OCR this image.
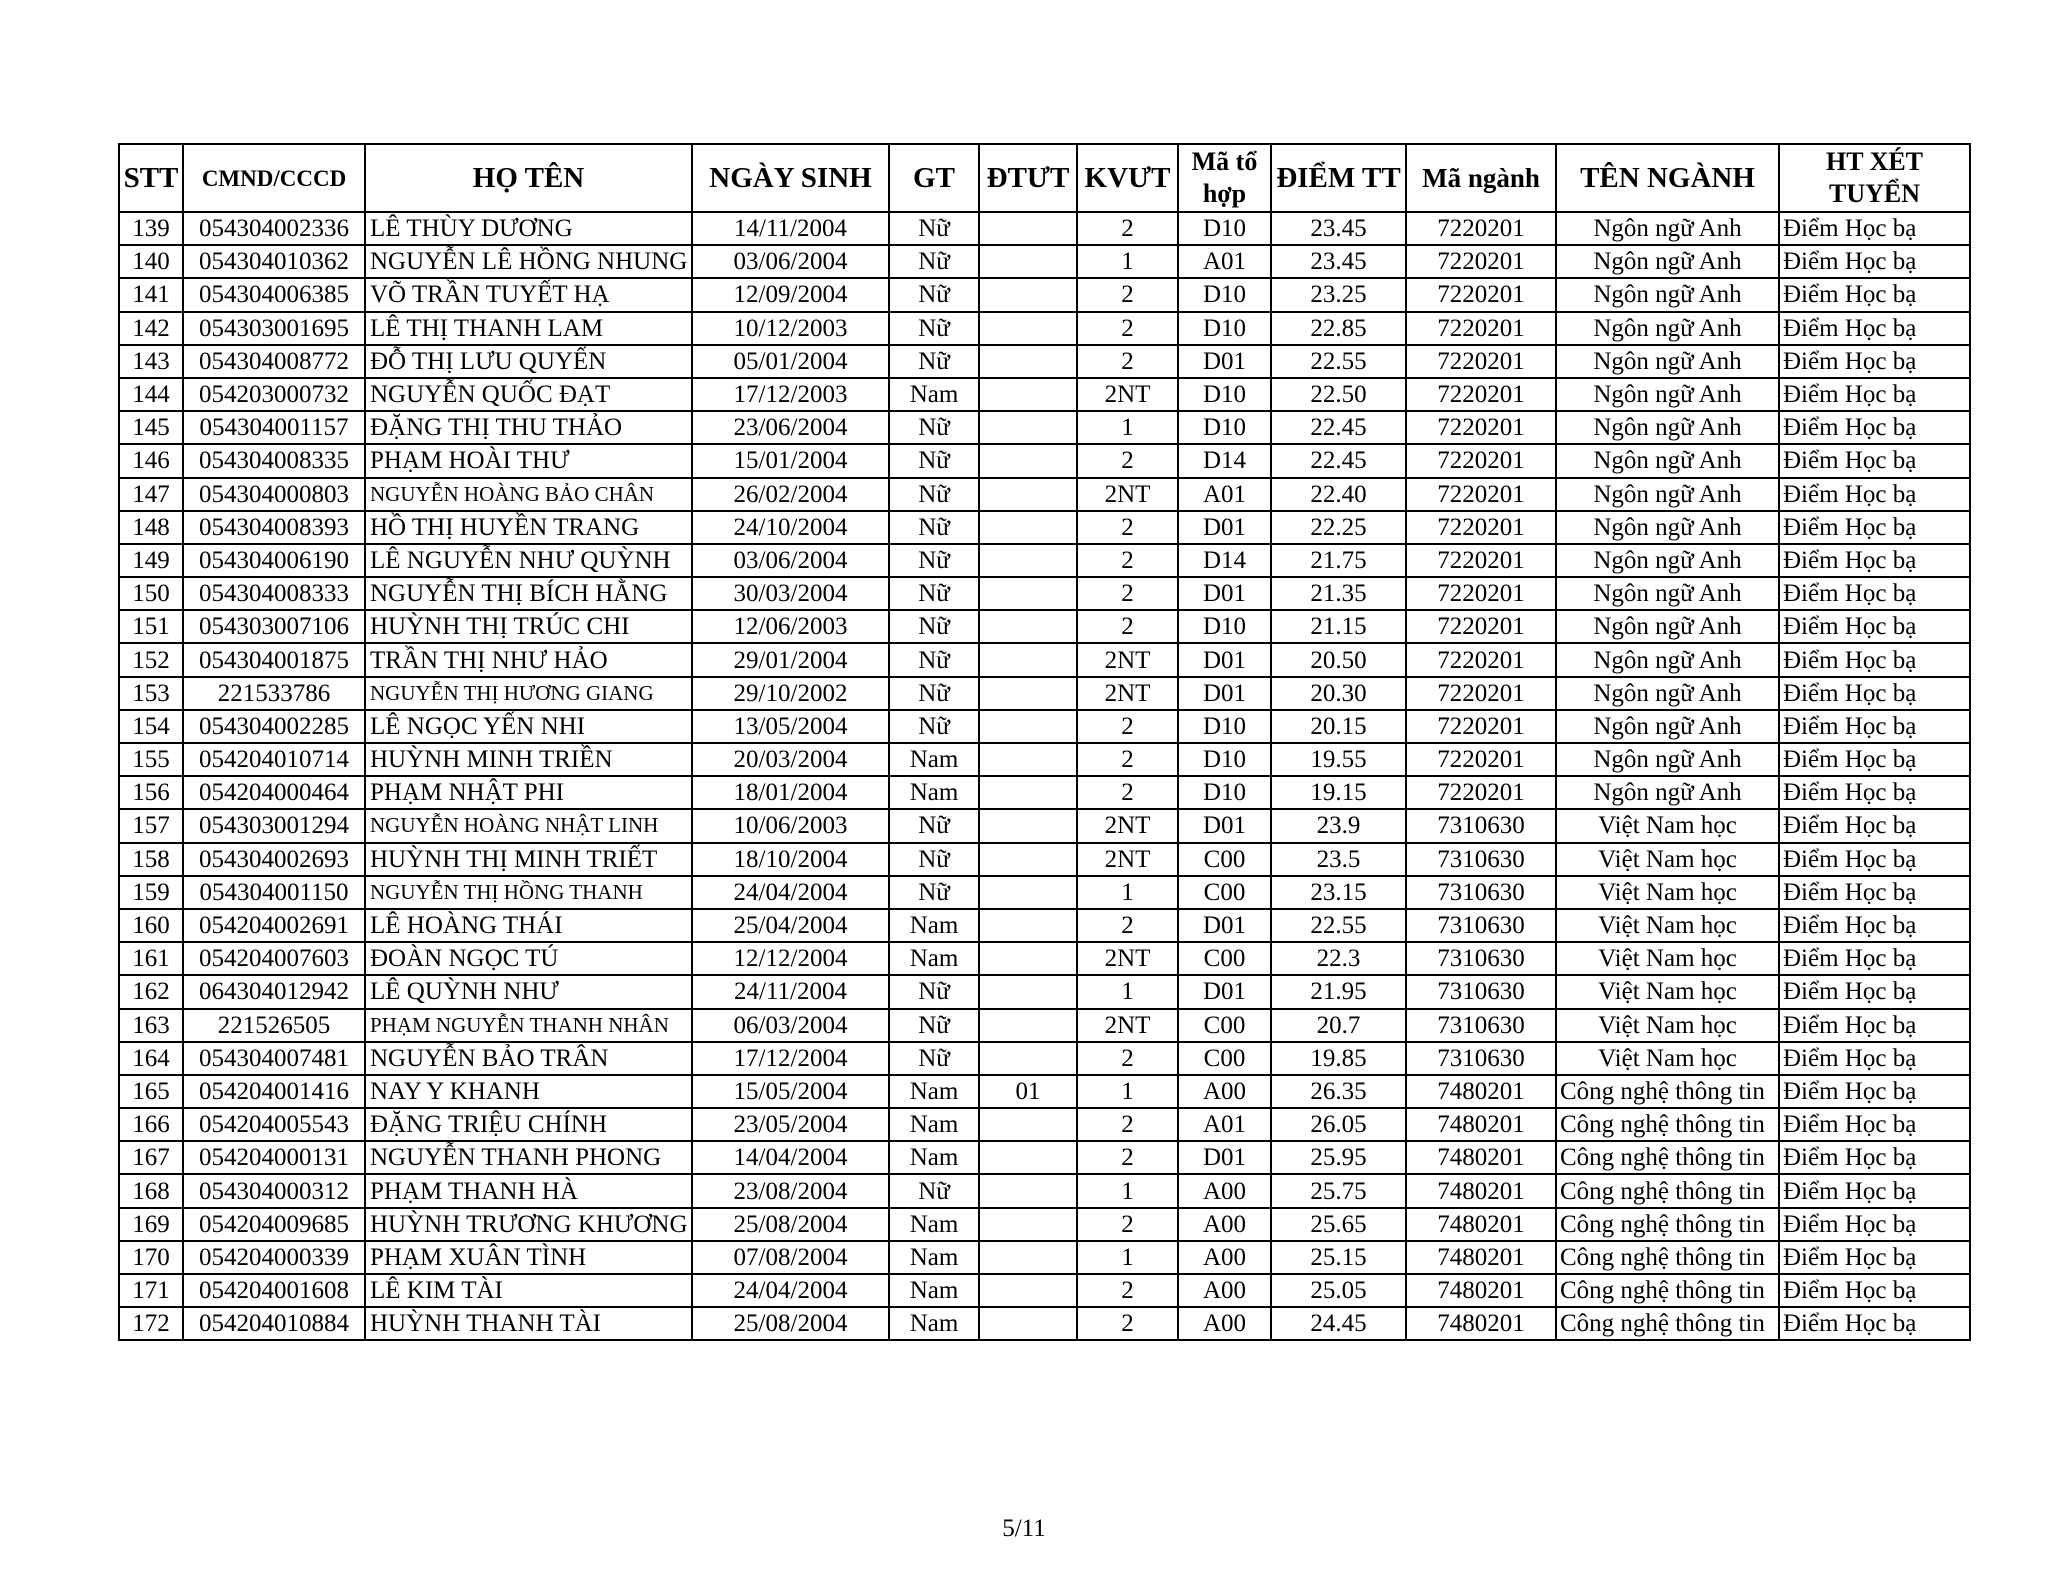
STT	CMND/CCCD	HỌ TÊN	NGÀY SINH	GT	ĐTƯT	KVƯT	Mã tổ hợp	ĐIỂM TT	Mã ngành	TÊN NGÀNH	HT XÉT TUYỂN
139	054304002336	LÊ THÙY DƯƠNG	14/11/2004	Nữ		2	D10	23.45	7220201	Ngôn ngữ Anh	Điểm Học bạ
140	054304010362	NGUYỄN LÊ HỒNG NHUNG	03/06/2004	Nữ		1	A01	23.45	7220201	Ngôn ngữ Anh	Điểm Học bạ
141	054304006385	VÕ TRẦN TUYẾT HẠ	12/09/2004	Nữ		2	D10	23.25	7220201	Ngôn ngữ Anh	Điểm Học bạ
142	054303001695	LÊ THỊ THANH LAM	10/12/2003	Nữ		2	D10	22.85	7220201	Ngôn ngữ Anh	Điểm Học bạ
143	054304008772	ĐỖ THỊ LƯU QUYẾN	05/01/2004	Nữ		2	D01	22.55	7220201	Ngôn ngữ Anh	Điểm Học bạ
144	054203000732	NGUYỄN QUỐC ĐẠT	17/12/2003	Nam		2NT	D10	22.50	7220201	Ngôn ngữ Anh	Điểm Học bạ
145	054304001157	ĐẶNG THỊ THU THẢO	23/06/2004	Nữ		1	D10	22.45	7220201	Ngôn ngữ Anh	Điểm Học bạ
146	054304008335	PHẠM HOÀI THƯ	15/01/2004	Nữ		2	D14	22.45	7220201	Ngôn ngữ Anh	Điểm Học bạ
147	054304000803	NGUYỄN HOÀNG BẢO CHÂN	26/02/2004	Nữ		2NT	A01	22.40	7220201	Ngôn ngữ Anh	Điểm Học bạ
148	054304008393	HỒ THỊ HUYỀN TRANG	24/10/2004	Nữ		2	D01	22.25	7220201	Ngôn ngữ Anh	Điểm Học bạ
149	054304006190	LÊ NGUYỄN NHƯ QUỲNH	03/06/2004	Nữ		2	D14	21.75	7220201	Ngôn ngữ Anh	Điểm Học bạ
150	054304008333	NGUYỄN THỊ BÍCH HẰNG	30/03/2004	Nữ		2	D01	21.35	7220201	Ngôn ngữ Anh	Điểm Học bạ
151	054303007106	HUỲNH THỊ TRÚC CHI	12/06/2003	Nữ		2	D10	21.15	7220201	Ngôn ngữ Anh	Điểm Học bạ
152	054304001875	TRẦN THỊ NHƯ HẢO	29/01/2004	Nữ		2NT	D01	20.50	7220201	Ngôn ngữ Anh	Điểm Học bạ
153	221533786	NGUYỄN THỊ HƯƠNG GIANG	29/10/2002	Nữ		2NT	D01	20.30	7220201	Ngôn ngữ Anh	Điểm Học bạ
154	054304002285	LÊ NGỌC YẾN NHI	13/05/2004	Nữ		2	D10	20.15	7220201	Ngôn ngữ Anh	Điểm Học bạ
155	054204010714	HUỲNH MINH TRIỀN	20/03/2004	Nam		2	D10	19.55	7220201	Ngôn ngữ Anh	Điểm Học bạ
156	054204000464	PHẠM NHẬT PHI	18/01/2004	Nam		2	D10	19.15	7220201	Ngôn ngữ Anh	Điểm Học bạ
157	054303001294	NGUYỄN HOÀNG NHẬT LINH	10/06/2003	Nữ		2NT	D01	23.9	7310630	Việt Nam học	Điểm Học bạ
158	054304002693	HUỲNH THỊ MINH TRIẾT	18/10/2004	Nữ		2NT	C00	23.5	7310630	Việt Nam học	Điểm Học bạ
159	054304001150	NGUYỄN THỊ HỒNG THANH	24/04/2004	Nữ		1	C00	23.15	7310630	Việt Nam học	Điểm Học bạ
160	054204002691	LÊ HOÀNG THÁI	25/04/2004	Nam		2	D01	22.55	7310630	Việt Nam học	Điểm Học bạ
161	054204007603	ĐOÀN NGỌC TÚ	12/12/2004	Nam		2NT	C00	22.3	7310630	Việt Nam học	Điểm Học bạ
162	064304012942	LÊ QUỲNH NHƯ	24/11/2004	Nữ		1	D01	21.95	7310630	Việt Nam học	Điểm Học bạ
163	221526505	PHẠM NGUYỄN THANH NHÂN	06/03/2004	Nữ		2NT	C00	20.7	7310630	Việt Nam học	Điểm Học bạ
164	054304007481	NGUYỄN BẢO TRÂN	17/12/2004	Nữ		2	C00	19.85	7310630	Việt Nam học	Điểm Học bạ
165	054204001416	NAY Y KHANH	15/05/2004	Nam	01	1	A00	26.35	7480201	Công nghệ thông tin	Điểm Học bạ
166	054204005543	ĐẶNG TRIỆU CHÍNH	23/05/2004	Nam		2	A01	26.05	7480201	Công nghệ thông tin	Điểm Học bạ
167	054204000131	NGUYỄN THANH PHONG	14/04/2004	Nam		2	D01	25.95	7480201	Công nghệ thông tin	Điểm Học bạ
168	054304000312	PHẠM THANH HÀ	23/08/2004	Nữ		1	A00	25.75	7480201	Công nghệ thông tin	Điểm Học bạ
169	054204009685	HUỲNH TRƯƠNG KHƯƠNG	25/08/2004	Nam		2	A00	25.65	7480201	Công nghệ thông tin	Điểm Học bạ
170	054204000339	PHẠM XUÂN TÌNH	07/08/2004	Nam		1	A00	25.15	7480201	Công nghệ thông tin	Điểm Học bạ
171	054204001608	LÊ KIM TÀI	24/04/2004	Nam		2	A00	25.05	7480201	Công nghệ thông tin	Điểm Học bạ
172	054204010884	HUỲNH THANH TÀI	25/08/2004	Nam		2	A00	24.45	7480201	Công nghệ thông tin	Điểm Học bạ
5/11
